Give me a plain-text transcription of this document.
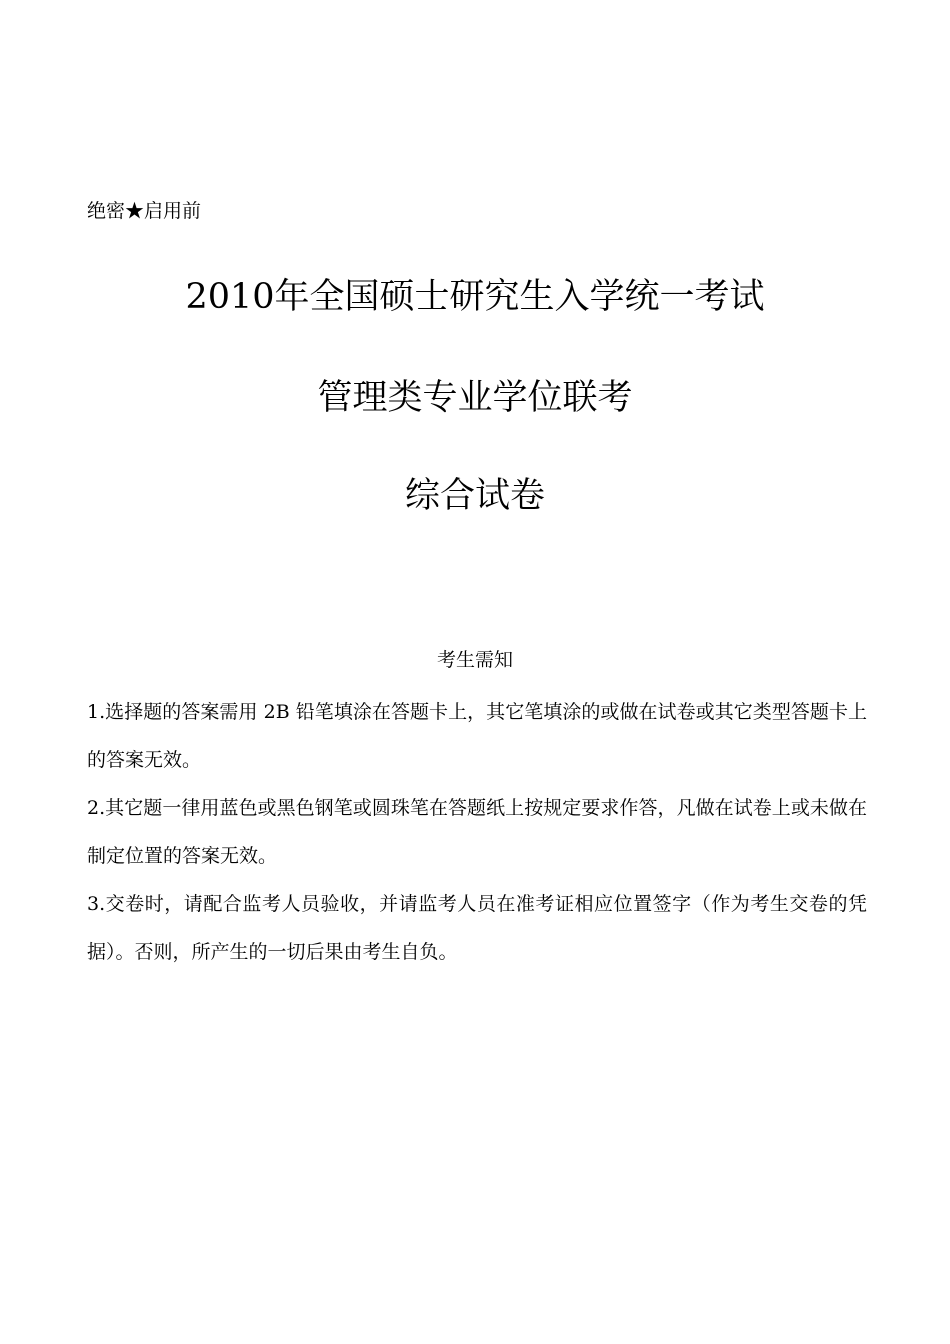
绝密★启用前
2010年全国硕士研究生入学统一考试
管理类专业学位联考
综合试卷
考生需知

1.选择题的答案需用 2B 铅笔填涂在答题卡上，其它笔填涂的或做在试卷或其它类型答题卡上的答案无效。

2.其它题一律用蓝色或黑色钢笔或圆珠笔在答题纸上按规定要求作答，凡做在试卷上或未做在制定位置的答案无效。

3.交卷时，请配合监考人员验收，并请监考人员在准考证相应位置签字（作为考生交卷的凭据）。否则，所产生的一切后果由考生自负。
